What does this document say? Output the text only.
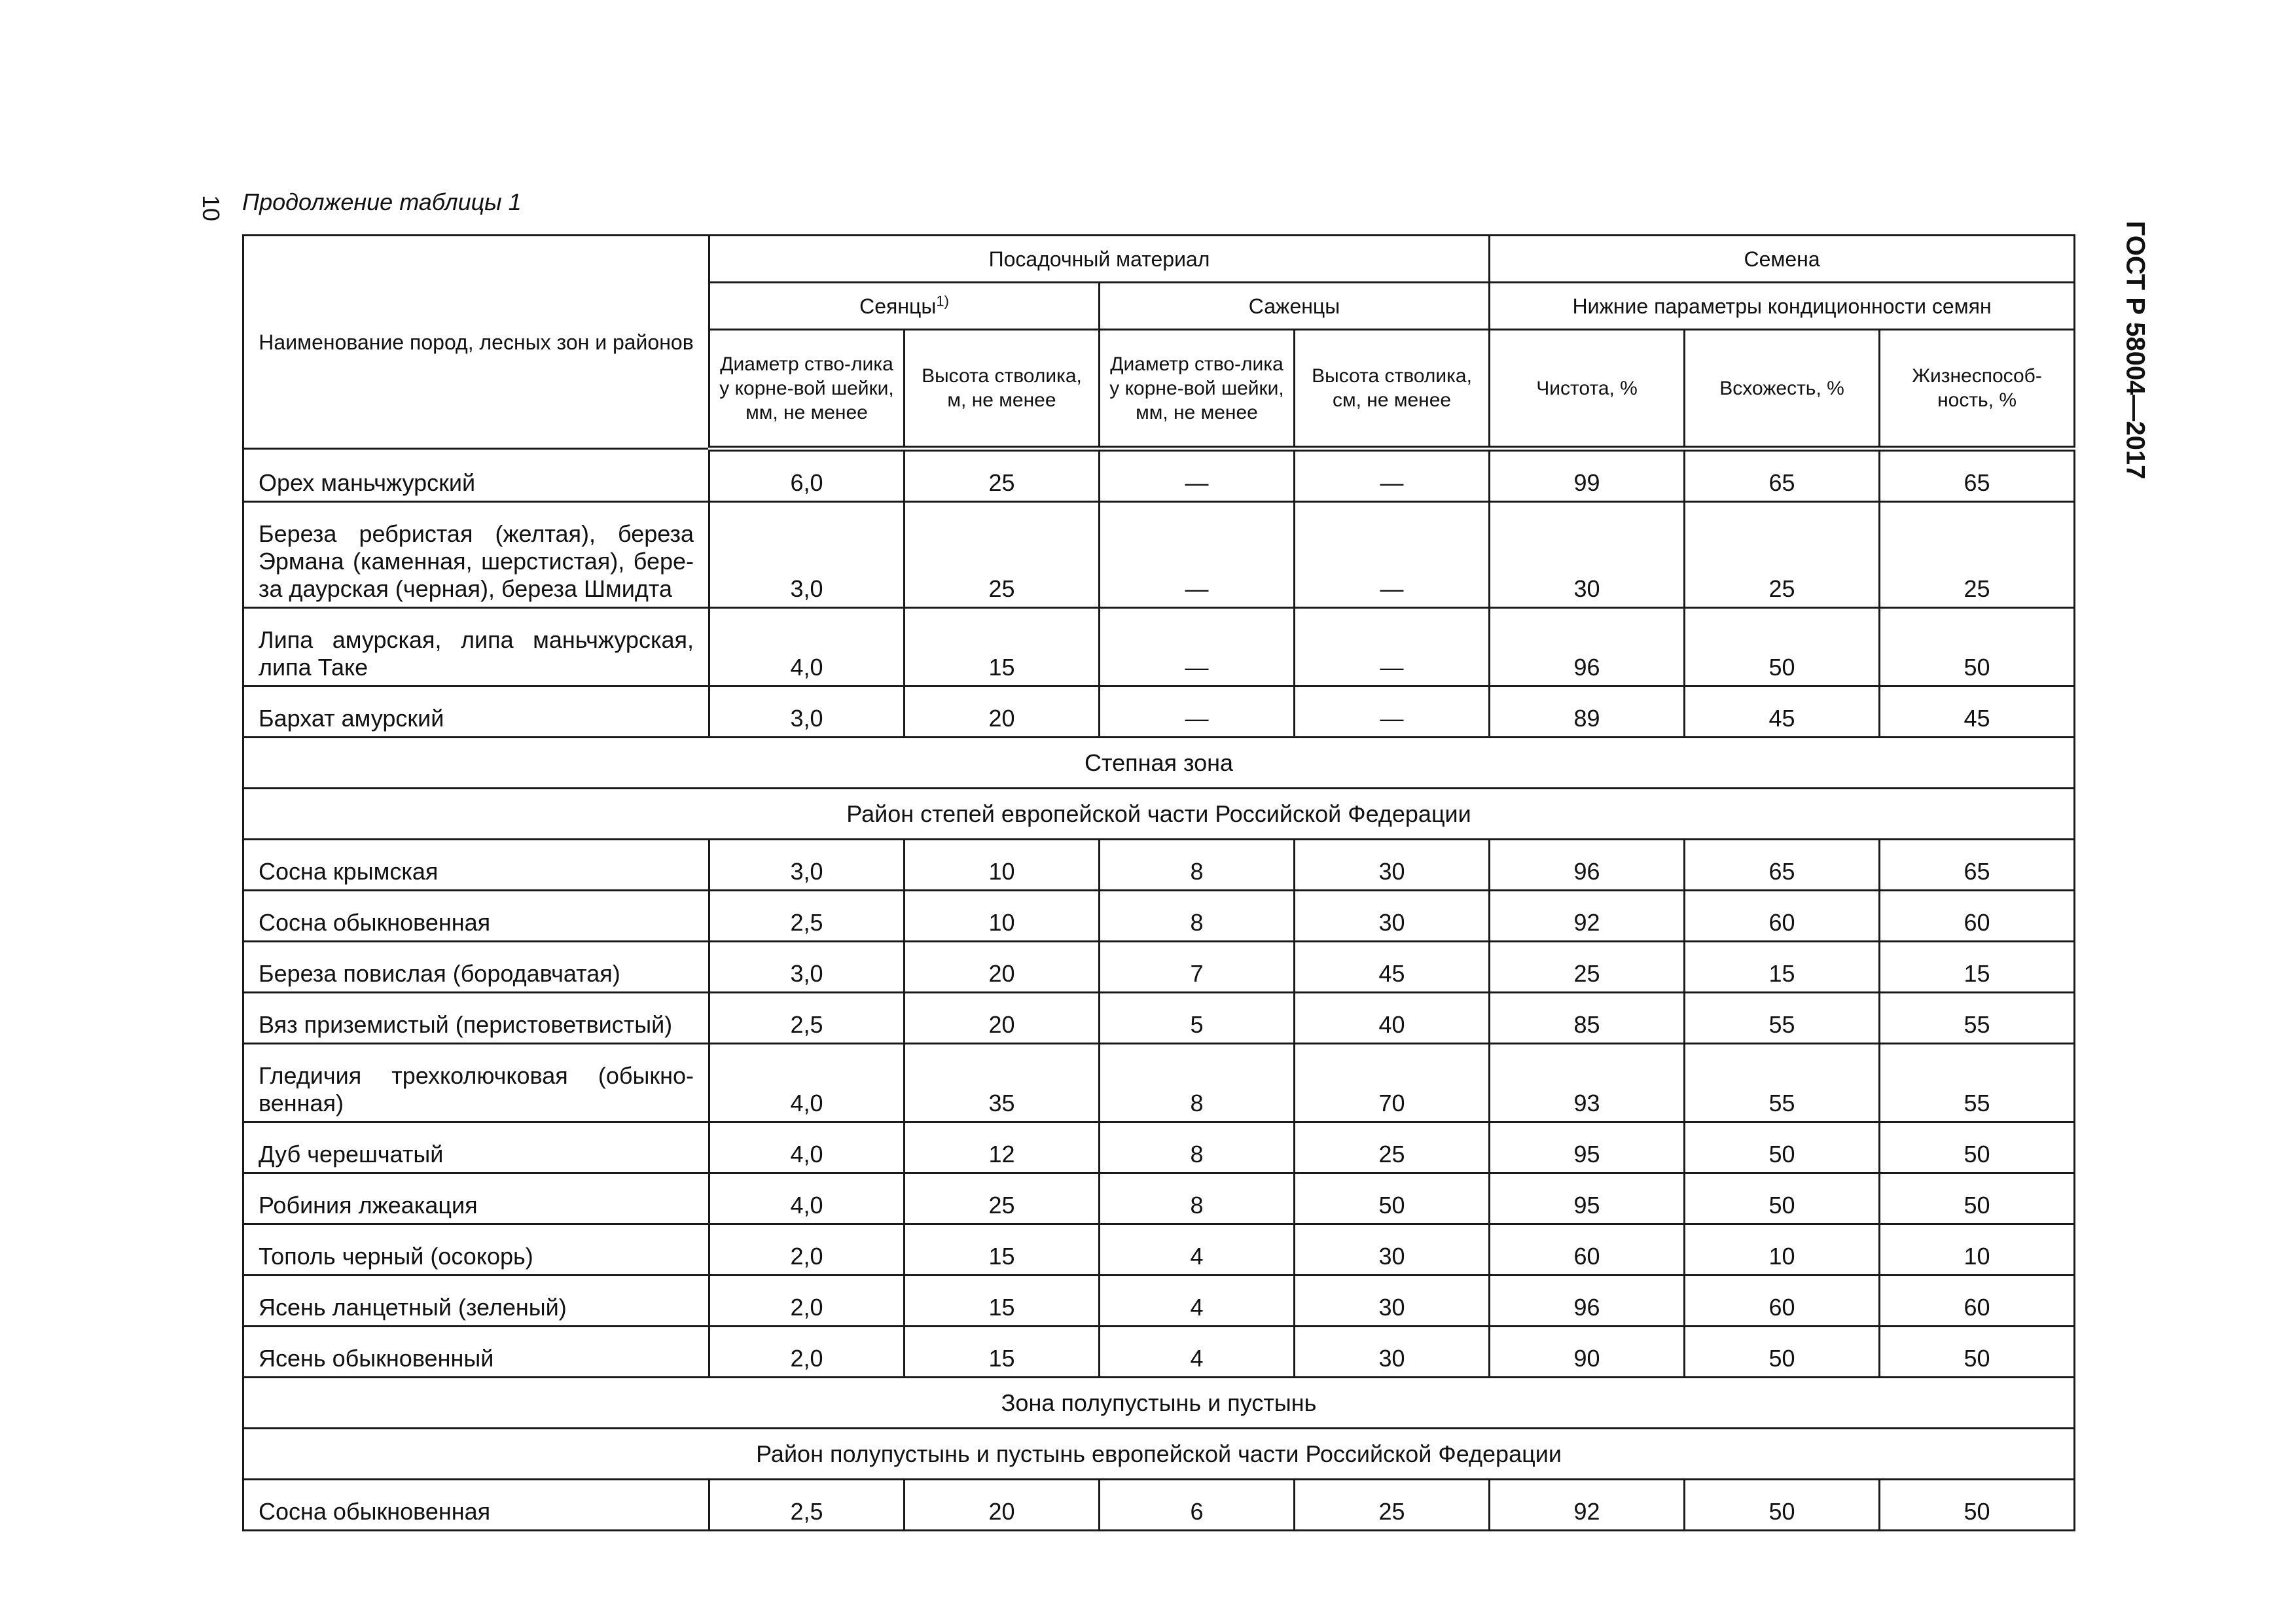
10
ГОСТ Р 58004—2017
Продолжение таблицы 1
Наименование пород, лесных зон и районов	Посадочный материал				Семена		
	Сеянцы$^{1)}$		Саженцы		Нижние параметры кондиционности семян		
	Диаметр ство-лика у корне-вой шейки, мм, не менее	Высота стволика, м, не менее	Диаметр ство-лика у корне-вой шейки, мм, не менее	Высота стволика, см, не менее	Чистота, %	Всхожесть, %	Жизнеспособ-ность, %
Орех маньчжурский	6,0	25	—	—	99	65	65
Береза ребристая (желтая), береза Эрмана (каменная, шерстистая), бере-за даурская (черная), береза Шмидта	3,0	25	—	—	30	25	25
Липа амурская, липа маньчжурская, липа Таке	4,0	15	—	—	96	50	50
Бархат амурский	3,0	20	—	—	89	45	45
Степная зона							
Район степей европейской части Российской Федерации							
Сосна крымская	3,0	10	8	30	96	65	65
Сосна обыкновенная	2,5	10	8	30	92	60	60
Береза повислая (бородавчатая)	3,0	20	7	45	25	15	15
Вяз приземистый (перистоветвистый)	2,5	20	5	40	85	55	55
Гледичия трехколючковая (обыкно-венная)	4,0	35	8	70	93	55	55
Дуб черешчатый	4,0	12	8	25	95	50	50
Робиния лжеакация	4,0	25	8	50	95	50	50
Тополь черный (осокорь)	2,0	15	4	30	60	10	10
Ясень ланцетный (зеленый)	2,0	15	4	30	96	60	60
Ясень обыкновенный	2,0	15	4	30	90	50	50
Зона полупустынь и пустынь							
Район полупустынь и пустынь европейской части Российской Федерации							
Сосна обыкновенная	2,5	20	6	25	92	50	50
